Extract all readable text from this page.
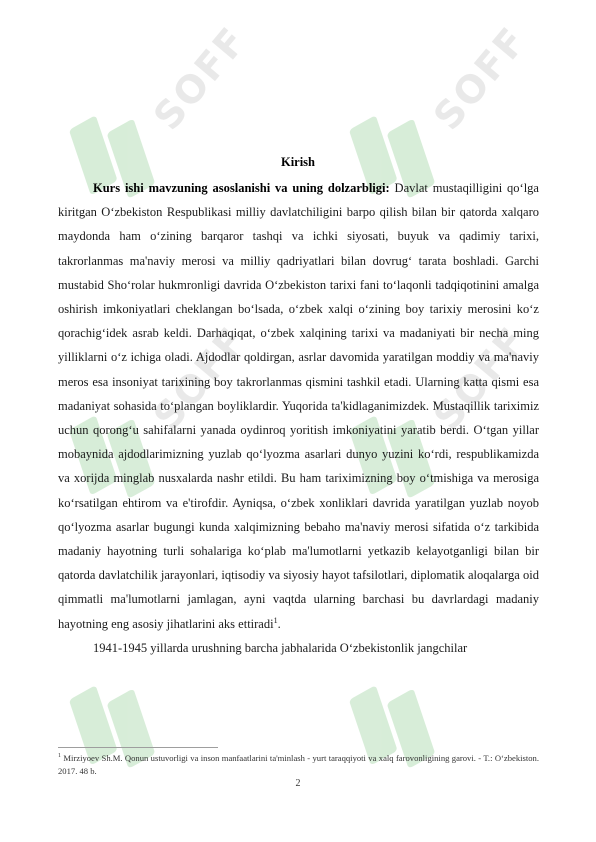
SOFF	SOFF
SOFF	SOFF
Kirish

Kurs ishi mavzuning asoslanishi va uning dolzarbligi: Davlat mustaqilligini qo‘lga kiritgan O‘zbekiston Respublikasi milliy davlatchiligini barpo qilish bilan bir qatorda xalqaro maydonda ham o‘zining barqaror tashqi va ichki siyosati, buyuk va qadimiy tarixi, takrorlanmas ma'naviy merosi va milliy qadriyatlari bilan dovrug‘ tarata boshladi. Garchi mustabid Sho‘rolar hukmronligi davrida O‘zbekiston tarixi fani to‘laqonli tadqiqotinini amalga oshirish imkoniyatlari cheklangan bo‘lsada, o‘zbek xalqi o‘zining boy tarixiy merosini ko‘z qorachig‘idek asrab keldi. Darhaqiqat, o‘zbek xalqining tarixi va madaniyati bir necha ming yilliklarni o‘z ichiga oladi. Ajdodlar qoldirgan, asrlar davomida yaratilgan moddiy va ma'naviy meros esa insoniyat tarixining boy takrorlanmas qismini tashkil etadi. Ularning katta qismi esa madaniyat sohasida to‘plangan boyliklardir. Yuqorida ta'kidlaganimizdek. Mustaqillik tariximiz uchun qorong‘u sahifalarni yanada oydinroq yoritish imkoniyatini yaratib berdi. O‘tgan yillar mobaynida ajdodlarimizning yuzlab qo‘lyozma asarlari dunyo yuzini ko‘rdi, respublikamizda va xorijda minglab nusxalarda nashr etildi. Bu ham tariximizning boy o‘tmishiga va merosiga ko‘rsatilgan ehtirom va e'tirofdir. Ayniqsa, o‘zbek xonliklari davrida yaratilgan yuzlab noyob qo‘lyozma asarlar bugungi kunda xalqimizning bebaho ma'naviy merosi sifatida o‘z tarkibida madaniy hayotning turli sohalariga ko‘plab ma'lumotlarni yetkazib kelayotganligi bilan bir qatorda davlatchilik jarayonlari, iqtisodiy va siyosiy hayot tafsilotlari, diplomatik aloqalarga oid qimmatli ma'lumotlarni jamlagan, ayni vaqtda ularning barchasi bu davrlardagi madaniy hayotning eng asosiy jihatlarini aks ettiradi$^1$.

1941-1945 yillarda urushning barcha jabhalarida O‘zbekistonlik jangchilar

$^1$ Mirziyoev Sh.M. Qonun ustuvorligi va inson manfaatlarini ta'minlash - yurt taraqqiyoti va xalq farovonligining garovi. - T.: O‘zbekiston. 2017. 48 b.
2
